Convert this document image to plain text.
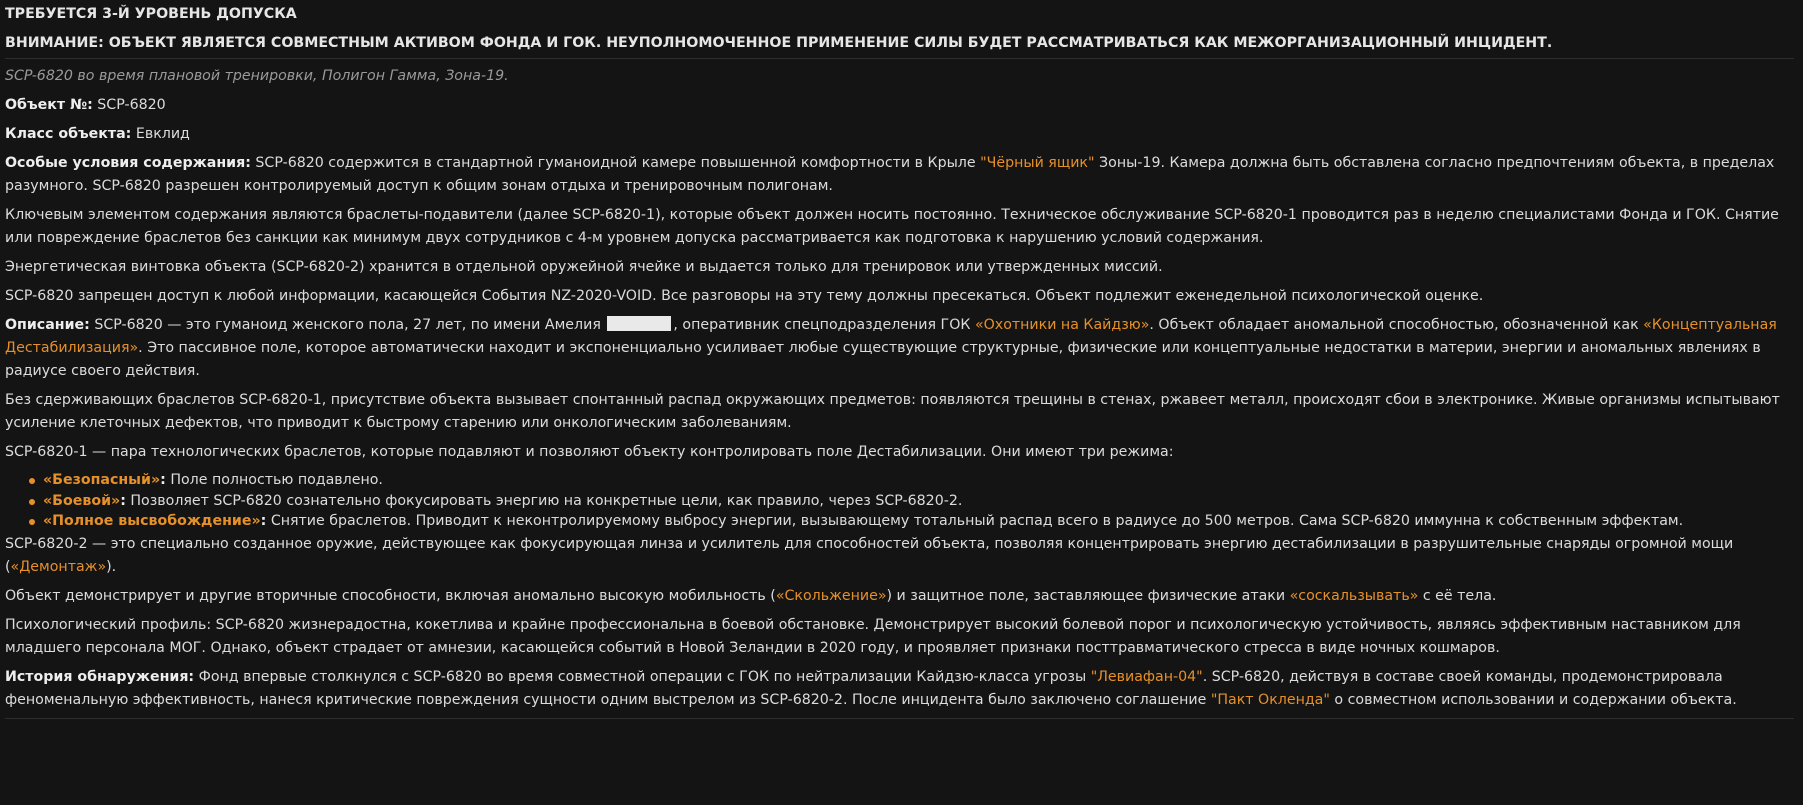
ТРЕБУЕТСЯ 3-Й УРОВЕНЬ ДОПУСКА
ВНИМАНИЕ: ОБЪЕКТ ЯВЛЯЕТСЯ СОВМЕСТНЫМ АКТИВОМ ФОНДА И ГОК. НЕУПОЛНОМОЧЕННОЕ ПРИМЕНЕНИЕ СИЛЫ БУДЕТ РАССМАТРИВАТЬСЯ КАК МЕЖОРГАНИЗАЦИОННЫЙ ИНЦИДЕНТ.

SCP-6820 во время плановой тренировки, Полигон Гамма, Зона-19.

Объект №: SCP-6820

Класс объекта: Евклид

Особые условия содержания: SCP-6820 содержится в стандартной гуманоидной камере повышенной комфортности в Крыле "Чёрный ящик" Зоны-19. Камера должна быть обставлена согласно предпочтениям объекта, в пределах разумного. SCP-6820 разрешен контролируемый доступ к общим зонам отдыха и тренировочным полигонам.

Ключевым элементом содержания являются браслеты-подавители (далее SCP-6820-1), которые объект должен носить постоянно. Техническое обслуживание SCP-6820-1 проводится раз в неделю специалистами Фонда и ГОК. Снятие или повреждение браслетов без санкции как минимум двух сотрудников с 4-м уровнем допуска рассматривается как подготовка к нарушению условий содержания.

Энергетическая винтовка объекта (SCP-6820-2) хранится в отдельной оружейной ячейке и выдается только для тренировок или утвержденных миссий.

SCP-6820 запрещен доступ к любой информации, касающейся События NZ-2020-VOID. Все разговоры на эту тему должны пресекаться. Объект подлежит еженедельной психологической оценке.

Описание: SCP-6820 — это гуманоид женского пола, 27 лет, по имени Амелия	, оперативник спецподразделения ГОК «Охотники на Кайдзю». Объект обладает аномальной способностью, обозначенной как «Концептуальная Дестабилизация». Это пассивное поле, которое автоматически находит и экспоненциально усиливает любые существующие структурные, физические или концептуальные недостатки в материи, энергии и аномальных явлениях в радиусе своего действия.

Без сдерживающих браслетов SCP-6820-1, присутствие объекта вызывает спонтанный распад окружающих предметов: появляются трещины в стенах, ржавеет металл, происходят сбои в электронике. Живые организмы испытывают усиление клеточных дефектов, что приводит к быстрому старению или онкологическим заболеваниям.

SCP-6820-1 — пара технологических браслетов, которые подавляют и позволяют объекту контролировать поле Дестабилизации. Они имеют три режима:

«Безопасный»: Поле полностью подавлено.
«Боевой»: Позволяет SCP-6820 сознательно фокусировать энергию на конкретные цели, как правило, через SCP-6820-2.
«Полное высвобождение»: Снятие браслетов. Приводит к неконтролируемому выбросу энергии, вызывающему тотальный распад всего в радиусе до 500 метров. Сама SCP-6820 иммунна к собственным эффектам.

SCP-6820-2 — это специально созданное оружие, действующее как фокусирующая линза и усилитель для способностей объекта, позволяя концентрировать энергию дестабилизации в разрушительные снаряды огромной мощи («Демонтаж»).

Объект демонстрирует и другие вторичные способности, включая аномально высокую мобильность («Скольжение») и защитное поле, заставляющее физические атаки «соскальзывать» с её тела.

Психологический профиль: SCP-6820 жизнерадостна, кокетлива и крайне профессиональна в боевой обстановке. Демонстрирует высокий болевой порог и психологическую устойчивость, являясь эффективным наставником для младшего персонала МОГ. Однако, объект страдает от амнезии, касающейся событий в Новой Зеландии в 2020 году, и проявляет признаки посттравматического стресса в виде ночных кошмаров.

История обнаружения: Фонд впервые столкнулся с SCP-6820 во время совместной операции с ГОК по нейтрализации Кайдзю-класса угрозы "Левиафан-04". SCP-6820, действуя в составе своей команды, продемонстрировала феноменальную эффективность, нанеся критические повреждения сущности одним выстрелом из SCP-6820-2. После инцидента было заключено соглашение "Пакт Окленда" о совместном использовании и содержании объекта.
